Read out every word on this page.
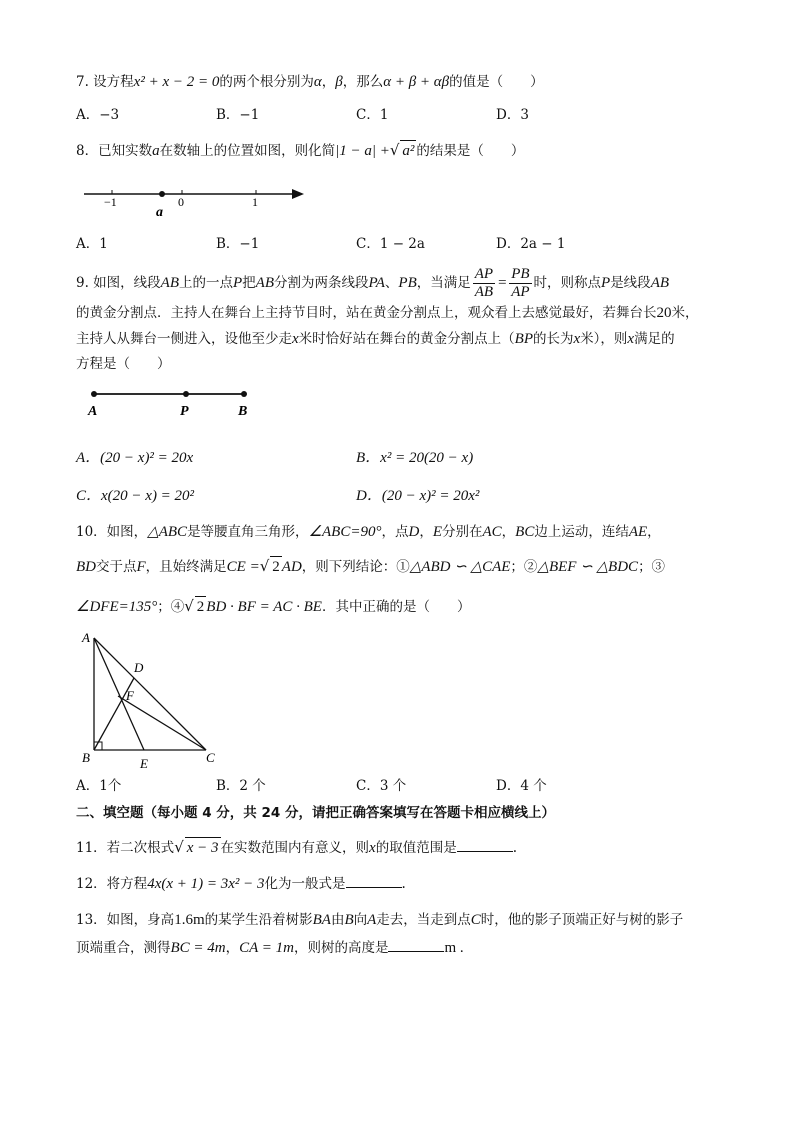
7. 设方程x² + x − 2 = 0的两个根分别为α，β，那么α + β + αβ的值是（　　）
A．−3	B．−1	C．1	D．3
8．已知实数a在数轴上的位置如图，则化简|1 − a| +√ a² 的结果是（　　）
−1	0	1
a
A．1	B．−1	C．1 − 2a	D．2a − 1
9. 如图，线段AB上的一点P把AB分割为两条线段PA、PB，当满足 $\frac{AP}{AB} = \frac{PB}{AP}$ 时，则称点P是线段AB
的黄金分割点．主持人在舞台上主持节目时，站在黄金分割点上，观众看上去感觉最好，若舞台长20米，
主持人从舞台一侧进入，设他至少走x米时恰好站在舞台的黄金分割点上（BP的长为x米），则x满足的
方程是（　　）
A	P	B
A．(20 − x)² = 20x	B．x² = 20(20 − x)
C．x(20 − x) = 20²	D．(20 − x)² = 20x²
10．如图，△ABC是等腰直角三角形，∠ABC=90°，点D，E分别在AC，BC边上运动，连结AE，
BD交于点F，且始终满足CE =√ 2 AD，则下列结论：①△ABD ∽ △CAE；②△BEF ∽ △BDC；③
∠DFE=135°；④√ 2 BD · BF = AC · BE．其中正确的是（　　）
A
B	C
D
E
F
A．1个	B．2 个	C．3 个	D．4 个
二、填空题（每小题 4 分，共 24 分，请把正确答案填写在答题卡相应横线上）
11．若二次根式√ x − 3 在实数范围内有意义，则x的取值范围是	.
12．将方程4x(x + 1) = 3x² − 3化为一般式是	.
13．如图，身高1.6m的某学生沿着树影BA由B向A走去，当走到点C时，他的影子顶端正好与树的影子
顶端重合，测得BC = 4m，CA = 1m，则树的高度是	m .
